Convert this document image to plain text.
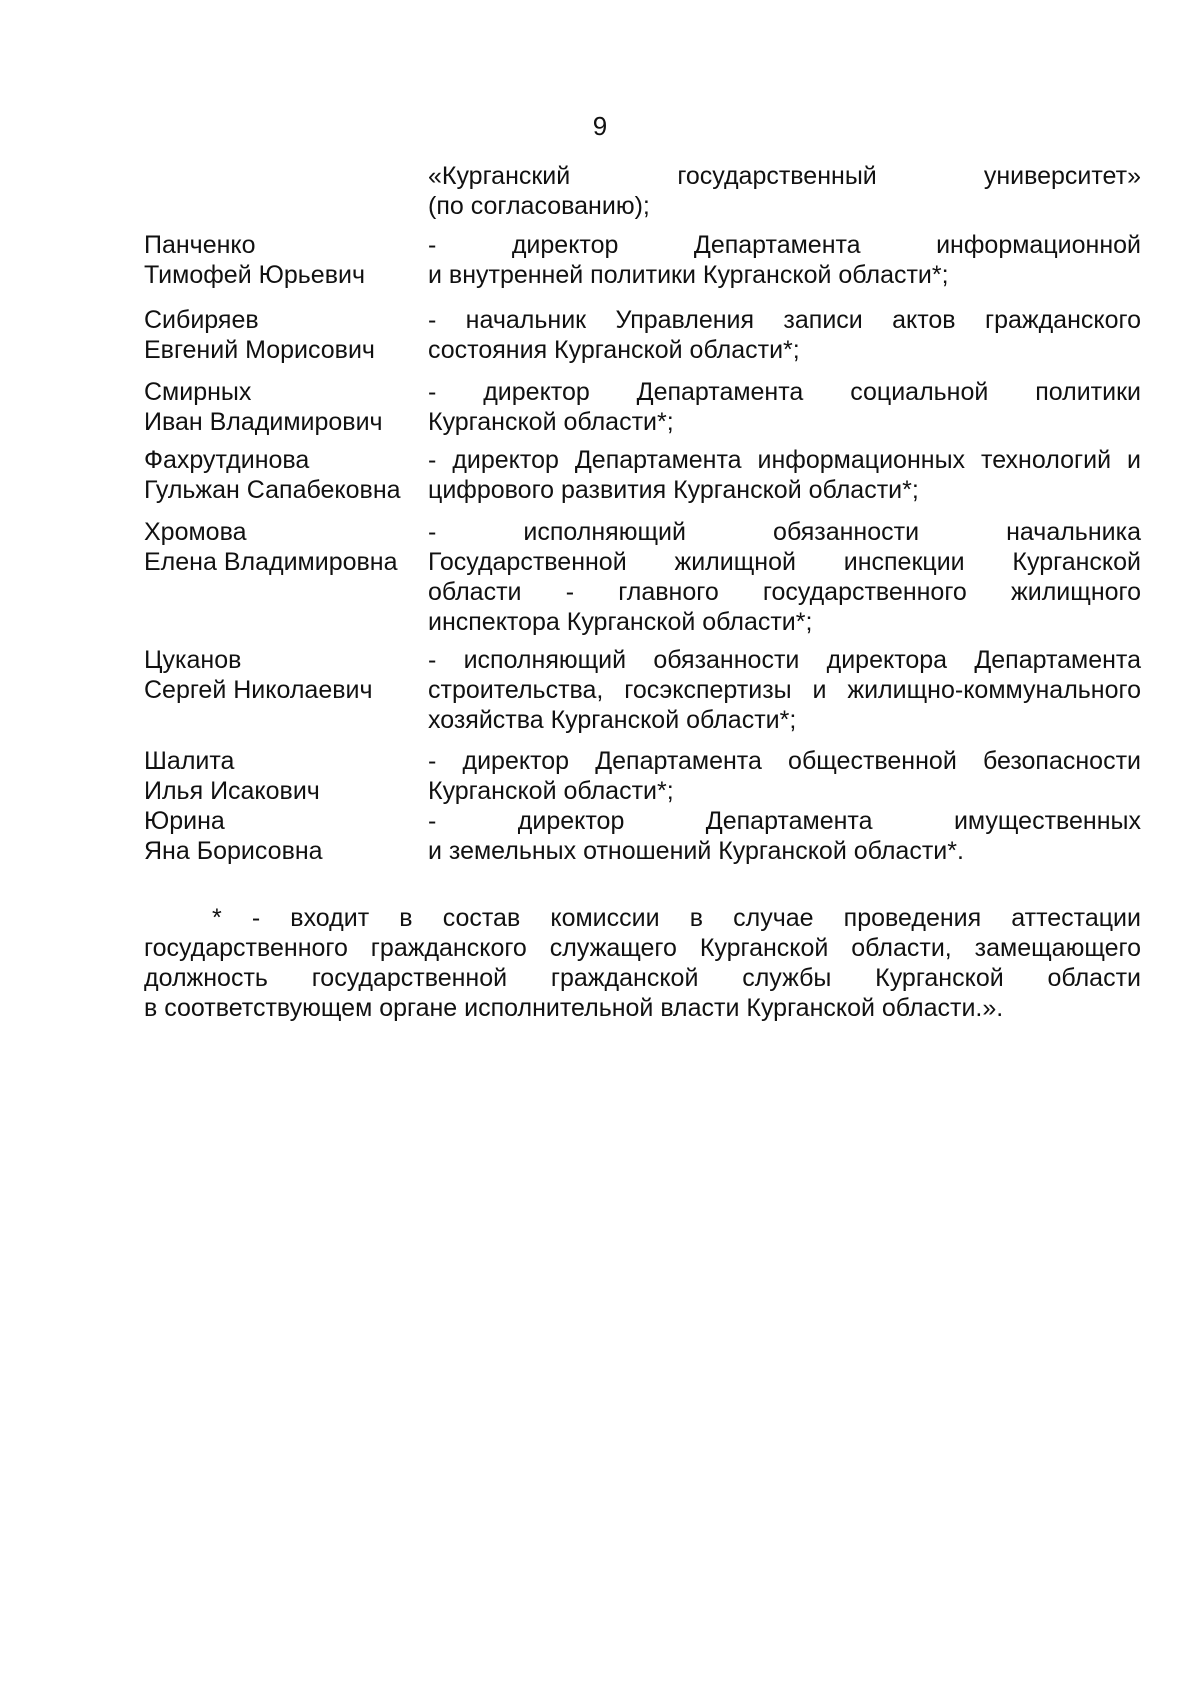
9
«Курганский государственный университет»
(по согласованию);
Панченко
Тимофей Юрьевич
- директор Департамента информационной
и внутренней политики Курганской области*;
Сибиряев
Евгений Морисович
- начальник Управления записи актов гражданского
состояния Курганской области*;
Смирных
Иван Владимирович
- директор Департамента социальной политики
Курганской области*;
Фахрутдинова
Гульжан Сапабековна
- директор Департамента информационных технологий и
цифрового развития Курганской области*;
Хромова
Елена Владимировна
- исполняющий обязанности начальника
Государственной жилищной инспекции Курганской
области - главного государственного жилищного
инспектора Курганской области*;
Цуканов
Сергей Николаевич
- исполняющий обязанности директора Департамента
строительства, госэкспертизы и жилищно-коммунального
хозяйства Курганской области*;
Шалита
Илья Исакович
- директор Департамента общественной безопасности
Курганской области*;
Юрина
Яна Борисовна
- директор Департамента имущественных
и земельных отношений Курганской области*.
* - входит в состав комиссии в случае проведения аттестации
государственного гражданского служащего Курганской области, замещающего
должность государственной гражданской службы Курганской области
в соответствующем органе исполнительной власти Курганской области.».
